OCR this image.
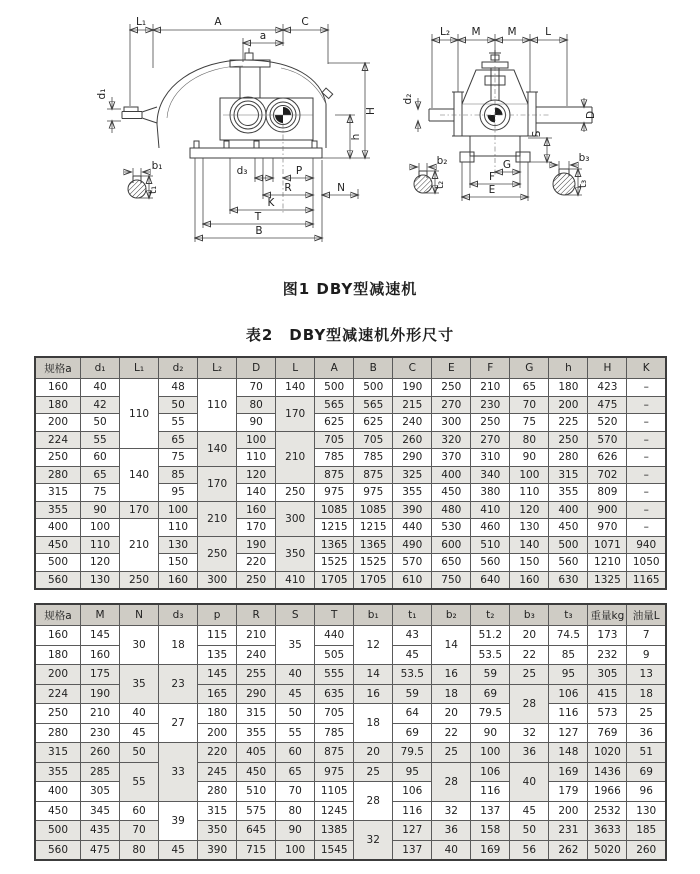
L₁	A	C
a
H
h
d₁
d₃	P
R	N
K
T
B
b₁
t₁
L₂ M	M	L
d₂
D
S
G
F
E
b₂
t₂
b₃
t₃
图1 DBY型减速机
表2　DBY型减速机外形尺寸
规格a	d₁	L₁	d₂	L₂	D	L	A	B	C	E	F	G	h	H	K
160	40	110	48	110	70	140	500	500	190	250	210	65	180	423	–
180	42		50		80	170	565	565	215	270	230	70	200	475	–
200	50		55		90		625	625	240	300	250	75	225	520	–
224	55		65	140	100	210	705	705	260	320	270	80	250	570	–
250	60	140	75		110		785	785	290	370	310	90	280	626	–
280	65		85	170	120		875	875	325	400	340	100	315	702	–
315	75		95		140	250	975	975	355	450	380	110	355	809	–
355	90	170	100	210	160	300	1085	1085	390	480	410	120	400	900	–
400	100	210	110		170		1215	1215	440	530	460	130	450	970	–
450	110		130	250	190	350	1365	1365	490	600	510	140	500	1071	940
500	120		150		220		1525	1525	570	650	560	150	560	1210	1050
560	130	250	160	300	250	410	1705	1705	610	750	640	160	630	1325	1165
规格a	M	N	d₃	p	R	S	T	b₁	t₁	b₂	t₂	b₃	t₃	重量kg	油量L
160	145	30	18	115	210	35	440	12	43	14	51.2	20	74.5	173	7
180	160			135	240		505		45		53.5	22	85	232	9
200	175	35	23	145	255	40	555	14	53.5	16	59	25	95	305	13
224	190			165	290	45	635	16	59	18	69	28	106	415	18
250	210	40	27	180	315	50	705	18	64	20	79.5		116	573	25
280	230	45		200	355	55	785		69	22	90	32	127	769	36
315	260	50	33	220	405	60	875	20	79.5	25	100	36	148	1020	51
355	285	55		245	450	65	975	25	95	28	106	40	169	1436	69
400	305			280	510	70	1105	28	106		116		179	1966	96
450	345	60	39	315	575	80	1245		116	32	137	45	200	2532	130
500	435	70		350	645	90	1385	32	127	36	158	50	231	3633	185
560	475	80	45	390	715	100	1545		137	40	169	56	262	5020	260
